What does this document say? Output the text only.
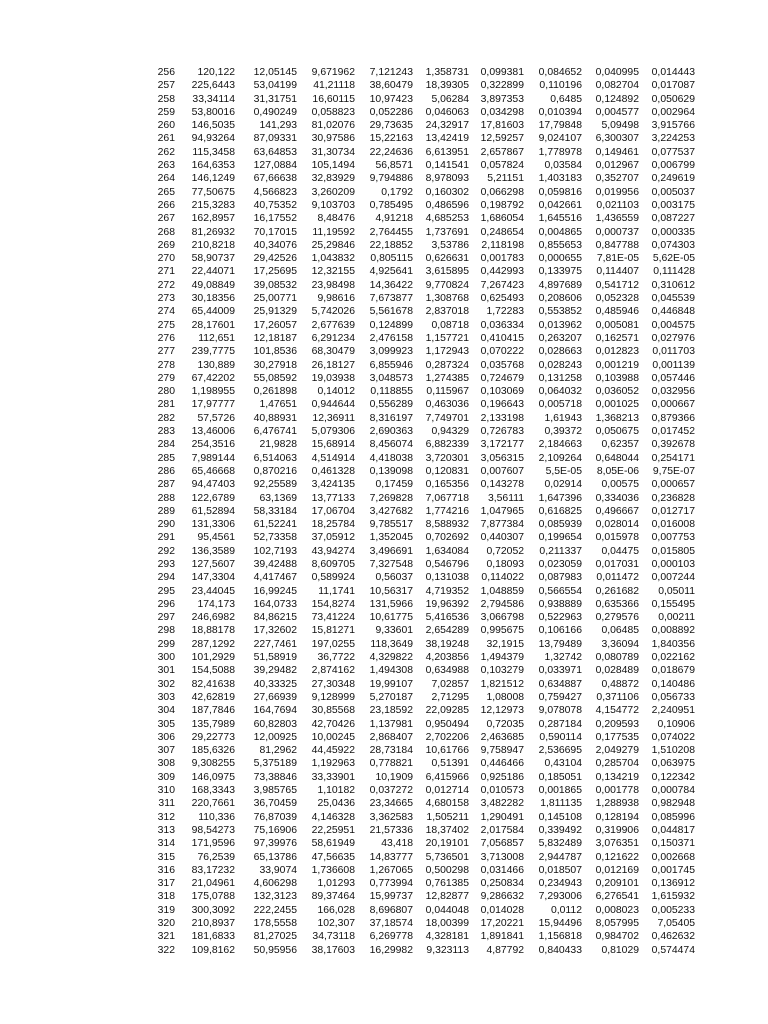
256	120,122	12,05145	9,671962	7,121243	1,358731	0,099381	0,084652	0,040995	0,014443
257	225,6443	53,04199	41,21118	38,60479	18,39305	0,322899	0,110196	0,082704	0,017087
258	33,34114	31,31751	16,60115	10,97423	5,06284	3,897353	0,6485	0,124892	0,050629
259	53,80016	0,490249	0,058823	0,052286	0,046063	0,034298	0,010394	0,004577	0,002964
260	146,5035	141,293	81,02076	29,73635	24,32917	17,81603	17,79848	5,09498	3,915766
261	94,93264	87,09331	30,97586	15,22163	13,42419	12,59257	9,024107	6,300307	3,224253
262	115,3458	63,64853	31,30734	22,24636	6,613951	2,657867	1,778978	0,149461	0,077537
263	164,6353	127,0884	105,1494	56,8571	0,141541	0,057824	0,03584	0,012967	0,006799
264	146,1249	67,66638	32,83929	9,794886	8,978093	5,21151	1,403183	0,352707	0,249619
265	77,50675	4,566823	3,260209	0,1792	0,160302	0,066298	0,059816	0,019956	0,005037
266	215,3283	40,75352	9,103703	0,785495	0,486596	0,198792	0,042661	0,021103	0,003175
267	162,8957	16,17552	8,48476	4,91218	4,685253	1,686054	1,645516	1,436559	0,087227
268	81,26932	70,17015	11,19592	2,764455	1,737691	0,248654	0,004865	0,000737	0,000335
269	210,8218	40,34076	25,29846	22,18852	3,53786	2,118198	0,855653	0,847788	0,074303
270	58,90737	29,42526	1,043832	0,805115	0,626631	0,001783	0,000655	7,81E-05	5,62E-05
271	22,44071	17,25695	12,32155	4,925641	3,615895	0,442993	0,133975	0,114407	0,111428
272	49,08849	39,08532	23,98498	14,36422	9,770824	7,267423	4,897689	0,541712	0,310612
273	30,18356	25,00771	9,98616	7,673877	1,308768	0,625493	0,208606	0,052328	0,045539
274	65,44009	25,91329	5,742026	5,561678	2,837018	1,72283	0,553852	0,485946	0,446848
275	28,17601	17,26057	2,677639	0,124899	0,08718	0,036334	0,013962	0,005081	0,004575
276	112,651	12,18187	6,291234	2,476158	1,157721	0,410415	0,263207	0,162571	0,027976
277	239,7775	101,8536	68,30479	3,099923	1,172943	0,070222	0,028663	0,012823	0,011703
278	130,889	30,27918	26,18127	6,855946	0,287324	0,035768	0,028243	0,001219	0,001139
279	67,42202	55,08592	19,03938	3,048573	1,274385	0,724679	0,131258	0,103988	0,057446
280	1,198955	0,261898	0,14012	0,118855	0,115967	0,103069	0,064032	0,036052	0,032956
281	17,97777	1,47651	0,944644	0,556289	0,463036	0,196643	0,005718	0,001025	0,000667
282	57,5726	40,88931	12,36911	8,316197	7,749701	2,133198	1,61943	1,368213	0,879366
283	13,46006	6,476741	5,079306	2,690363	0,94329	0,726783	0,39372	0,050675	0,017452
284	254,3516	21,9828	15,68914	8,456074	6,882339	3,172177	2,184663	0,62357	0,392678
285	7,989144	6,514063	4,514914	4,418038	3,720301	3,056315	2,109264	0,648044	0,254171
286	65,46668	0,870216	0,461328	0,139098	0,120831	0,007607	5,5E-05	8,05E-06	9,75E-07
287	94,47403	92,25589	3,424135	0,17459	0,165356	0,143278	0,02914	0,00575	0,000657
288	122,6789	63,1369	13,77133	7,269828	7,067718	3,56111	1,647396	0,334036	0,236828
289	61,52894	58,33184	17,06704	3,427682	1,774216	1,047965	0,616825	0,496667	0,012717
290	131,3306	61,52241	18,25784	9,785517	8,588932	7,877384	0,085939	0,028014	0,016008
291	95,4561	52,73358	37,05912	1,352045	0,702692	0,440307	0,199654	0,015978	0,007753
292	136,3589	102,7193	43,94274	3,496691	1,634084	0,72052	0,211337	0,04475	0,015805
293	127,5607	39,42488	8,609705	7,327548	0,546796	0,18093	0,023059	0,017031	0,000103
294	147,3304	4,417467	0,589924	0,56037	0,131038	0,114022	0,087983	0,011472	0,007244
295	23,44045	16,99245	11,1741	10,56317	4,719352	1,048859	0,566554	0,261682	0,05011
296	174,173	164,0733	154,8274	131,5966	19,96392	2,794586	0,938889	0,635366	0,155495
297	246,6982	84,86215	73,41224	10,61775	5,416536	3,066798	0,522963	0,279576	0,00211
298	18,88178	17,32602	15,81271	9,33601	2,654289	0,995675	0,106166	0,06485	0,008892
299	287,1292	227,7461	197,0255	118,3649	38,19248	32,1915	13,79489	3,36094	1,840356
300	101,2929	51,58919	36,7722	4,329822	4,203856	1,494379	1,32742	0,080789	0,022162
301	154,5088	39,29482	2,874162	1,494308	0,634988	0,103279	0,033971	0,028489	0,018679
302	82,41638	40,33325	27,30348	19,99107	7,02857	1,821512	0,634887	0,48872	0,140486
303	42,62819	27,66939	9,128999	5,270187	2,71295	1,08008	0,759427	0,371106	0,056733
304	187,7846	164,7694	30,85568	23,18592	22,09285	12,12973	9,078078	4,154772	2,240951
305	135,7989	60,82803	42,70426	1,137981	0,950494	0,72035	0,287184	0,209593	0,10906
306	29,22773	12,00925	10,00245	2,868407	2,702206	2,463685	0,590114	0,177535	0,074022
307	185,6326	81,2962	44,45922	28,73184	10,61766	9,758947	2,536695	2,049279	1,510208
308	9,308255	5,375189	1,192963	0,778821	0,51391	0,446466	0,43104	0,285704	0,063975
309	146,0975	73,38846	33,33901	10,1909	6,415966	0,925186	0,185051	0,134219	0,122342
310	168,3343	3,985765	1,10182	0,037272	0,012714	0,010573	0,001865	0,001778	0,000784
311	220,7661	36,70459	25,0436	23,34665	4,680158	3,482282	1,811135	1,288938	0,982948
312	110,336	76,87039	4,146328	3,362583	1,505211	1,290491	0,145108	0,128194	0,085996
313	98,54273	75,16906	22,25951	21,57336	18,37402	2,017584	0,339492	0,319906	0,044817
314	171,9596	97,39976	58,61949	43,418	20,19101	7,056857	5,832489	3,076351	0,150371
315	76,2539	65,13786	47,56635	14,83777	5,736501	3,713008	2,944787	0,121622	0,002668
316	83,17232	33,9074	1,736608	1,267065	0,500298	0,031466	0,018507	0,012169	0,001745
317	21,04961	4,606298	1,01293	0,773994	0,761385	0,250834	0,234943	0,209101	0,136912
318	175,0788	132,3123	89,37464	15,99737	12,82877	9,286632	7,293006	6,276541	1,615932
319	300,3092	222,2455	166,028	8,696807	0,044048	0,014028	0,0112	0,008023	0,005233
320	210,8937	178,5558	102,307	37,18574	18,00399	17,20221	15,94496	8,057995	7,05405
321	181,6833	81,27025	34,73118	6,269778	4,328181	1,891841	1,156818	0,984702	0,462632
322	109,8162	50,95956	38,17603	16,29982	9,323113	4,87792	0,840433	0,81029	0,574474
